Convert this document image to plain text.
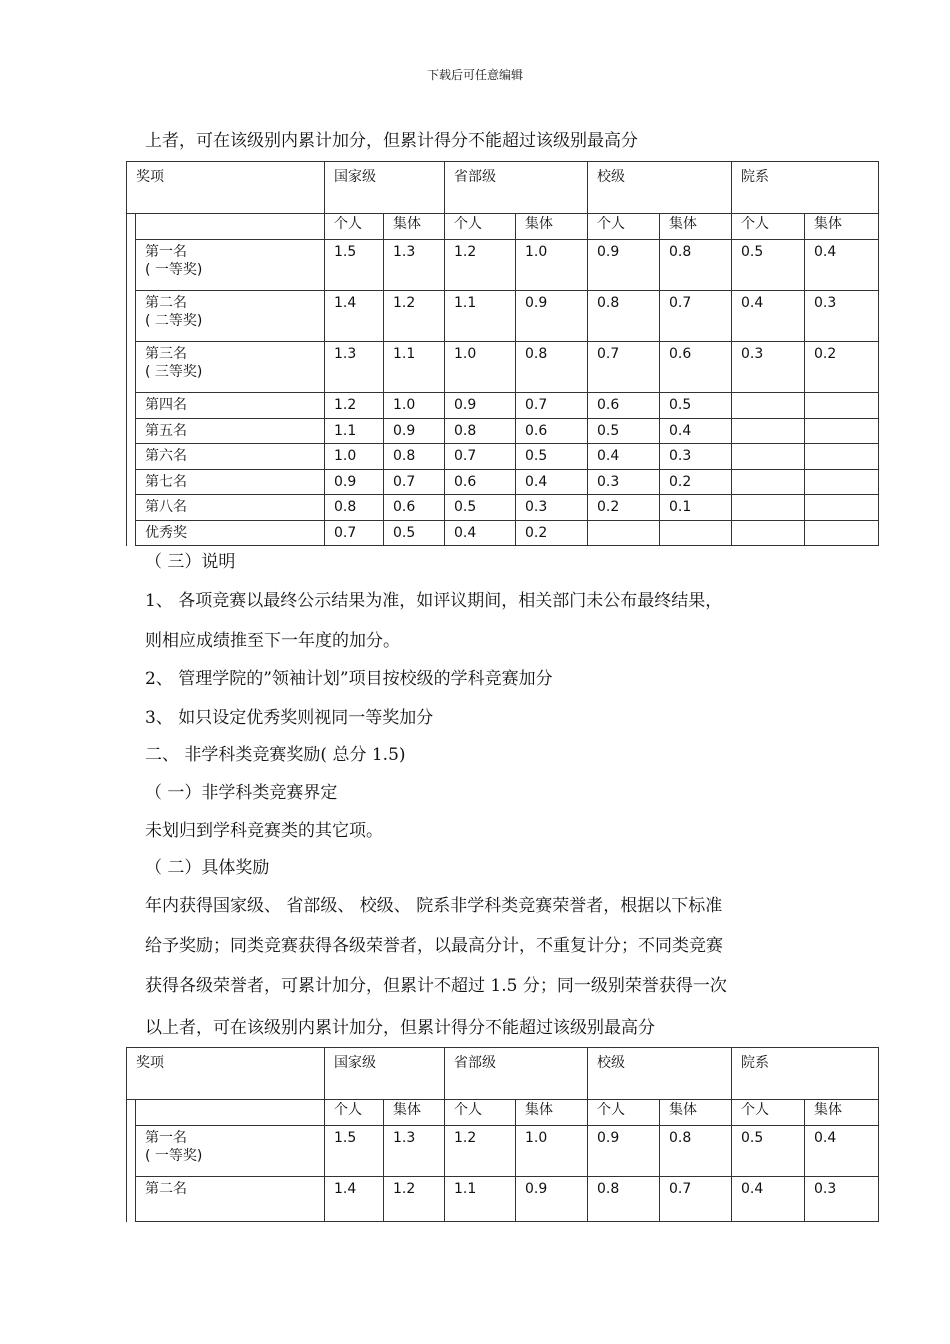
下载后可任意编辑
上者，可在该级别内累计加分，但累计得分不能超过该级别最高分
奖项		国家级		省部级		校级		院系	
		个人	集体	个人	集体	个人	集体	个人	集体

	第一名
( 一等奖)	1.5	1.3	1.2	1.0	0.9	0.8	0.5	0.4

	第二名
( 二等奖)	1.4	1.2	1.1	0.9	0.8	0.7	0.4	0.3

	第三名
( 三等奖)	1.3	1.1	1.0	0.8	0.7	0.6	0.3	0.2

	第四名	1.2	1.0	0.9	0.7	0.6	0.5		

	第五名	1.1	0.9	0.8	0.6	0.5	0.4		

	第六名	1.0	0.8	0.7	0.5	0.4	0.3		

	第七名	0.9	0.7	0.6	0.4	0.3	0.2		

	第八名	0.8	0.6	0.5	0.3	0.2	0.1		

	优秀奖	0.7	0.5	0.4	0.2				
（ 三）说明
1、 各项竞赛以最终公示结果为准，如评议期间，相关部门未公布最终结果，
则相应成绩推至下一年度的加分。
2、 管理学院的”领袖计划”项目按校级的学科竞赛加分
3、 如只设定优秀奖则视同一等奖加分
二、 非学科类竞赛奖励( 总分 1.5)
（ 一）非学科类竞赛界定
未划归到学科竞赛类的其它项。
（ 二）具体奖励
年内获得国家级、 省部级、 校级、 院系非学科类竞赛荣誉者，根据以下标准
给予奖励；同类竞赛获得各级荣誉者，以最高分计，不重复计分；不同类竞赛
获得各级荣誉者，可累计加分，但累计不超过 1.5 分；同一级别荣誉获得一次
以上者，可在该级别内累计加分，但累计得分不能超过该级别最高分
奖项		国家级		省部级		校级		院系	
		个人	集体	个人	集体	个人	集体	个人	集体

	第一名
( 一等奖)	1.5	1.3	1.2	1.0	0.9	0.8	0.5	0.4

	第二名	1.4	1.2	1.1	0.9	0.8	0.7	0.4	0.3
